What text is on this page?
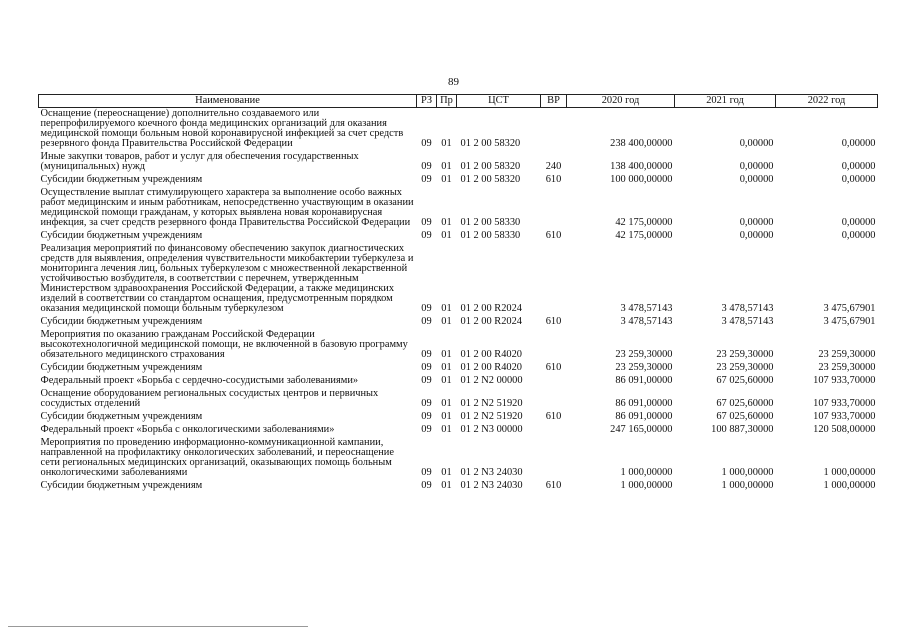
89
Наименование	РЗ	Пр	ЦСТ	ВР	2020 год	2021 год	2022 год
Оснащение (переоснащение) дополнительно создаваемого или перепрофилируемого коечного фонда медицинских организаций для оказания медицинской помощи больным новой коронавирусной инфекцией за счет средств резервного фонда Правительства Российской Федерации	09	01	01 2 00 58320		238 400,00000	0,00000	0,00000
Иные закупки товаров, работ и услуг для обеспечения государственных (муниципальных) нужд	09	01	01 2 00 58320	240	138 400,00000	0,00000	0,00000
Субсидии бюджетным учреждениям	09	01	01 2 00 58320	610	100 000,00000	0,00000	0,00000
Осуществление выплат стимулирующего характера за выполнение особо важных работ медицинским и иным работникам, непосредственно участвующим в оказании медицинской помощи гражданам, у которых выявлена новая коронавирусная инфекция, за счет средств резервного фонда Правительства Российской Федерации	09	01	01 2 00 58330		42 175,00000	0,00000	0,00000
Субсидии бюджетным учреждениям	09	01	01 2 00 58330	610	42 175,00000	0,00000	0,00000
Реализация мероприятий по финансовому обеспечению закупок диагностических средств для выявления, определения чувствительности микобактерии туберкулеза и мониторинга лечения лиц, больных туберкулезом с множественной лекарственной устойчивостью возбудителя, в соответствии с перечнем, утвержденным Министерством здравоохранения Российской Федерации, а также медицинских изделий в соответствии со стандартом оснащения, предусмотренным порядком оказания медицинской помощи больным туберкулезом	09	01	01 2 00 R2024		3 478,57143	3 478,57143	3 475,67901
Субсидии бюджетным учреждениям	09	01	01 2 00 R2024	610	3 478,57143	3 478,57143	3 475,67901
Мероприятия по оказанию гражданам Российской Федерации высокотехнологичной медицинской помощи, не включенной в базовую программу обязательного медицинского страхования	09	01	01 2 00 R4020		23 259,30000	23 259,30000	23 259,30000
Субсидии бюджетным учреждениям	09	01	01 2 00 R4020	610	23 259,30000	23 259,30000	23 259,30000
Федеральный проект «Борьба с сердечно-сосудистыми заболеваниями»	09	01	01 2 N2 00000		86 091,00000	67 025,60000	107 933,70000
Оснащение оборудованием региональных сосудистых центров и первичных сосудистых отделений	09	01	01 2 N2 51920		86 091,00000	67 025,60000	107 933,70000
Субсидии бюджетным учреждениям	09	01	01 2 N2 51920	610	86 091,00000	67 025,60000	107 933,70000
Федеральный проект «Борьба с онкологическими заболеваниями»	09	01	01 2 N3 00000		247 165,00000	100 887,30000	120 508,00000
Мероприятия по проведению информационно-коммуникационной кампании, направленной на профилактику онкологических заболеваний, и переоснащение сети региональных медицинских организаций, оказывающих помощь больным онкологическими заболеваниями	09	01	01 2 N3 24030		1 000,00000	1 000,00000	1 000,00000
Субсидии бюджетным учреждениям	09	01	01 2 N3 24030	610	1 000,00000	1 000,00000	1 000,00000
